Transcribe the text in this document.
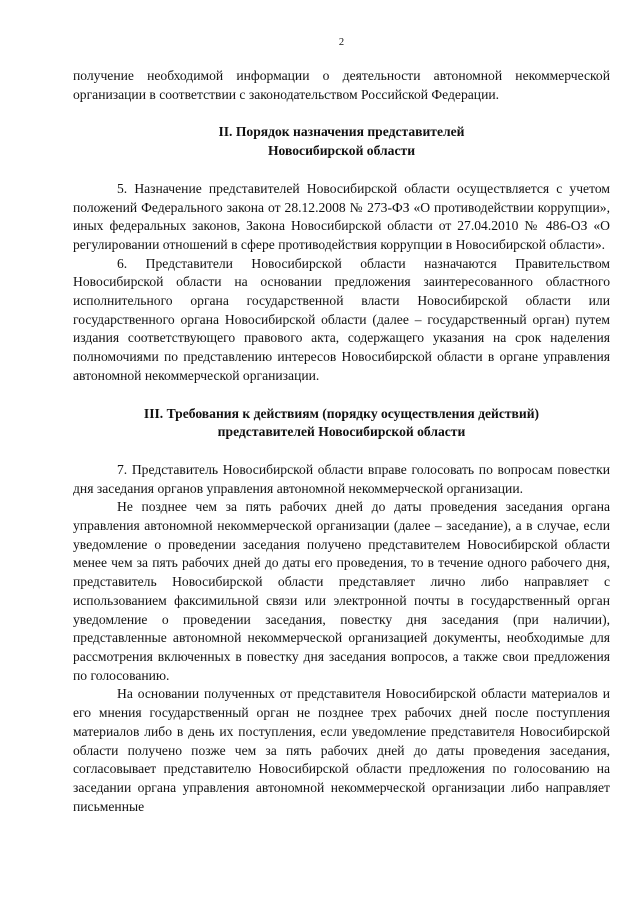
2

получение необходимой информации о деятельности автономной некоммерческой организации в соответствии с законодательством Российской Федерации.

II. Порядок назначения представителей
Новосибирской области

5. Назначение представителей Новосибирской области осуществляется с учетом положений Федерального закона от 28.12.2008 № 273-ФЗ «О противодействии коррупции», иных федеральных законов, Закона Новосибирской области от 27.04.2010 № 486-ОЗ «О регулировании отношений в сфере противодействия коррупции в Новосибирской области».

6. Представители Новосибирской области назначаются Правительством Новосибирской области на основании предложения заинтересованного областного исполнительного органа государственной власти Новосибирской области или государственного органа Новосибирской области (далее – государственный орган) путем издания соответствующего правового акта, содержащего указания на срок наделения полномочиями по представлению интересов Новосибирской области в органе управления автономной некоммерческой организации.

III. Требования к действиям (порядку осуществления действий)
представителей Новосибирской области

7. Представитель Новосибирской области вправе голосовать по вопросам повестки дня заседания органов управления автономной некоммерческой организации.

Не позднее чем за пять рабочих дней до даты проведения заседания органа управления автономной некоммерческой организации (далее – заседание), а в случае, если уведомление о проведении заседания получено представителем Новосибирской области менее чем за пять рабочих дней до даты его проведения, то в течение одного рабочего дня, представитель Новосибирской области представляет лично либо направляет с использованием факсимильной связи или электронной почты в государственный орган уведомление о проведении заседания, повестку дня заседания (при наличии), представленные автономной некоммерческой организацией документы, необходимые для рассмотрения включенных в повестку дня заседания вопросов, а также свои предложения по голосованию.

На основании полученных от представителя Новосибирской области материалов и его мнения государственный орган не позднее трех рабочих дней после поступления материалов либо в день их поступления, если уведомление представителя Новосибирской области получено позже чем за пять рабочих дней до даты проведения заседания, согласовывает представителю Новосибирской области предложения по голосованию на заседании органа управления автономной некоммерческой организации либо направляет письменные
